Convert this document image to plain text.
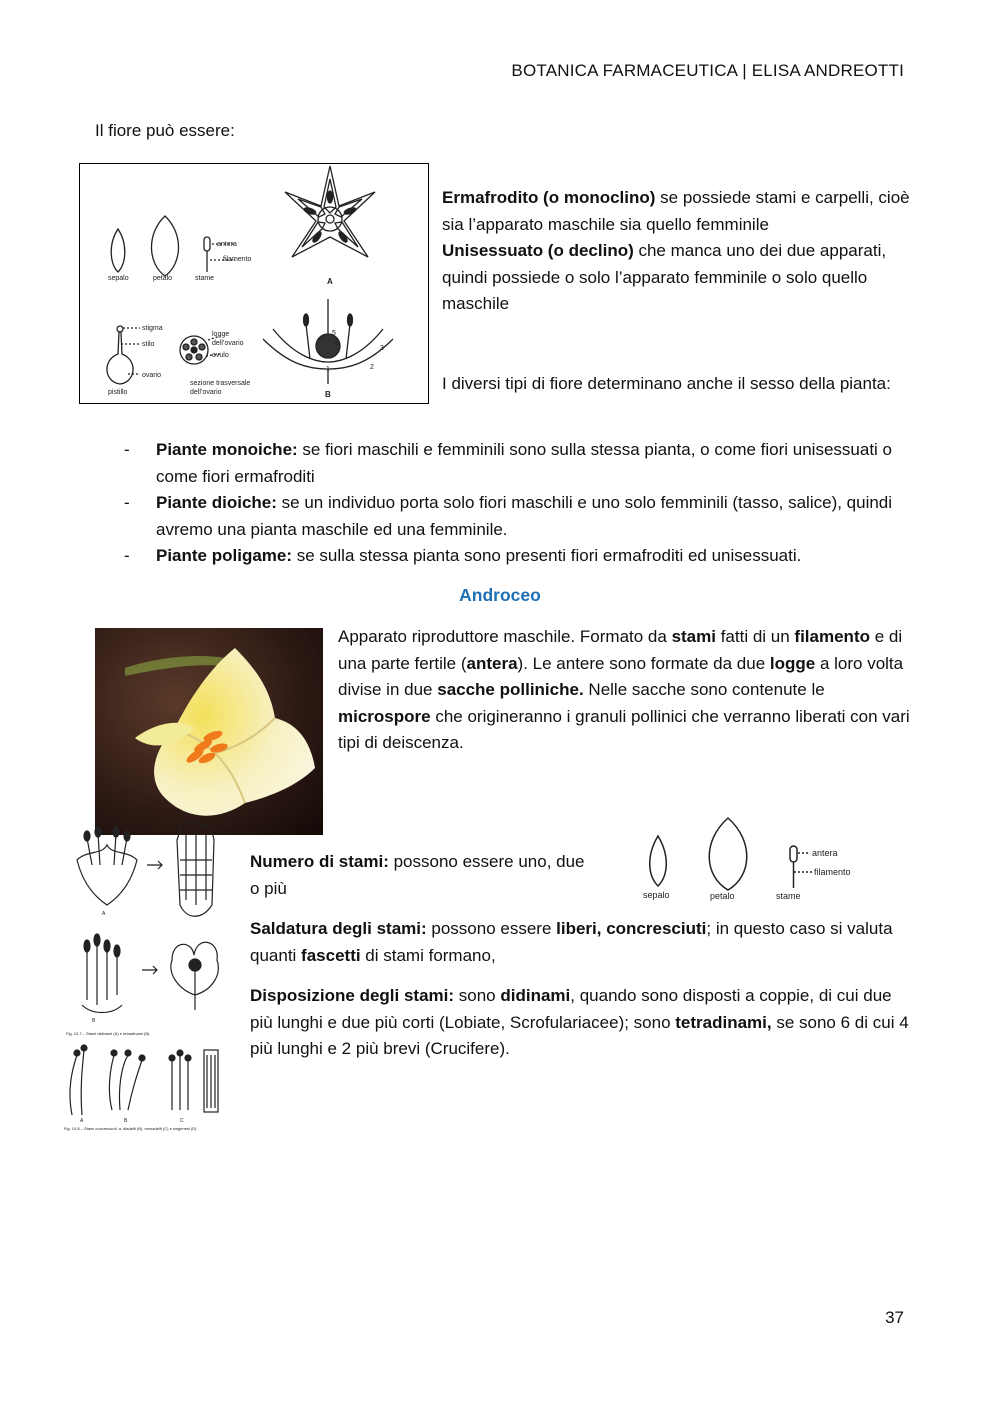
BOTANICA FARMACEUTICA | ELISA ANDREOTTI
Il fiore può essere:
antera
filamento
sepalo	petalo	stame	A
stigma
stilo
ovario
pistillo
logge
dell’ovario
ovulo
sezione trasversale
dell’ovario	B
1	2
3
4
5
Ermafrodito (o monoclino) se possiede stami e carpelli, cioè sia l’apparato maschile sia quello femminile
Unisessuato (o declino) che manca uno dei due apparati, quindi possiede o solo l’apparato femminile o solo quello maschile
I diversi tipi di fiore determinano anche il sesso della pianta:
- Piante monoiche: se fiori maschili e femminili sono sulla stessa pianta, o come fiori unisessuati o come fiori ermafroditi
- Piante dioiche: se un individuo porta solo fiori maschili e uno solo femminili (tasso, salice), quindi avremo una pianta maschile ed una femminile.
- Piante poligame: se sulla stessa pianta sono presenti fiori ermafroditi ed unisessuati.
Androceo
Apparato riproduttore maschile. Formato da stami fatti di un filamento e di una parte fertile (antera). Le antere sono formate da due logge a loro volta divise in due sacche polliniche. Nelle sacche sono contenute le microspore che origineranno i granuli pollinici che verranno liberati con vari tipi di deiscenza.
A
B
Fig. 10.7 – Stami didinami (A) e tetradinami (B).
A	B	C
Fig. 10.8 – Stami concresciuti: a. diadelfi (B), monadelfi (C) e singenesi (D).
Numero di stami: possono essere uno, due o più
antera
filamento
sepalo	petalo	stame
Saldatura degli stami: possono essere liberi, concresciuti; in questo caso si valuta quanti fascetti di stami formano,
Disposizione degli stami: sono didinami, quando sono disposti a coppie, di cui due più lunghi e due più corti (Lobiate, Scrofulariacee); sono tetradinami, se sono 6 di cui 4 più lunghi e 2 più brevi (Crucifere).
37
